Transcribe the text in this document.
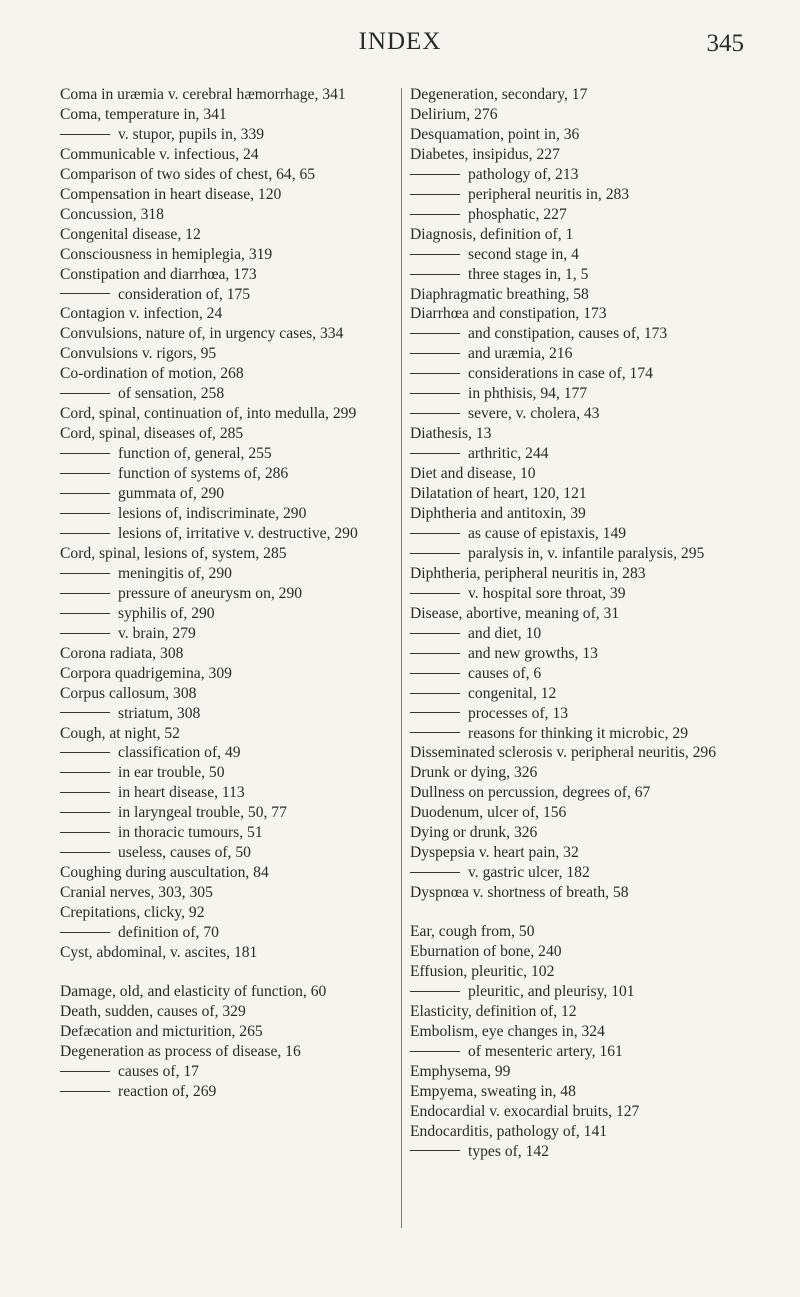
INDEX	345
Coma in uræmia v. cerebral hæmorrhage, 341
Coma, temperature in, 341
v. stupor, pupils in, 339
Communicable v. infectious, 24
Comparison of two sides of chest, 64, 65
Compensation in heart disease, 120
Concussion, 318
Congenital disease, 12
Consciousness in hemiplegia, 319
Constipation and diarrhœa, 173
consideration of, 175
Contagion v. infection, 24
Convulsions, nature of, in urgency cases, 334
Convulsions v. rigors, 95
Co-ordination of motion, 268
of sensation, 258
Cord, spinal, continuation of, into medulla, 299
Cord, spinal, diseases of, 285
function of, general, 255
function of systems of, 286
gummata of, 290
lesions of, indiscriminate, 290
lesions of, irritative v. destructive, 290
Cord, spinal, lesions of, system, 285
meningitis of, 290
pressure of aneurysm on, 290
syphilis of, 290
v. brain, 279
Corona radiata, 308
Corpora quadrigemina, 309
Corpus callosum, 308
striatum, 308
Cough, at night, 52
classification of, 49
in ear trouble, 50
in heart disease, 113
in laryngeal trouble, 50, 77
in thoracic tumours, 51
useless, causes of, 50
Coughing during auscultation, 84
Cranial nerves, 303, 305
Crepitations, clicky, 92
definition of, 70
Cyst, abdominal, v. ascites, 181
Damage, old, and elasticity of function, 60
Death, sudden, causes of, 329
Defæcation and micturition, 265
Degeneration as process of disease, 16
causes of, 17
reaction of, 269
Degeneration, secondary, 17
Delirium, 276
Desquamation, point in, 36
Diabetes, insipidus, 227
pathology of, 213
peripheral neuritis in, 283
phosphatic, 227
Diagnosis, definition of, 1
second stage in, 4
three stages in, 1, 5
Diaphragmatic breathing, 58
Diarrhœa and constipation, 173
and constipation, causes of, 173
and uræmia, 216
considerations in case of, 174
in phthisis, 94, 177
severe, v. cholera, 43
Diathesis, 13
arthritic, 244
Diet and disease, 10
Dilatation of heart, 120, 121
Diphtheria and antitoxin, 39
as cause of epistaxis, 149
paralysis in, v. infantile paralysis, 295
Diphtheria, peripheral neuritis in, 283
v. hospital sore throat, 39
Disease, abortive, meaning of, 31
and diet, 10
and new growths, 13
causes of, 6
congenital, 12
processes of, 13
reasons for thinking it microbic, 29
Disseminated sclerosis v. peripheral neuritis, 296
Drunk or dying, 326
Dullness on percussion, degrees of, 67
Duodenum, ulcer of, 156
Dying or drunk, 326
Dyspepsia v. heart pain, 32
v. gastric ulcer, 182
Dyspnœa v. shortness of breath, 58
Ear, cough from, 50
Eburnation of bone, 240
Effusion, pleuritic, 102
pleuritic, and pleurisy, 101
Elasticity, definition of, 12
Embolism, eye changes in, 324
of mesenteric artery, 161
Emphysema, 99
Empyema, sweating in, 48
Endocardial v. exocardial bruits, 127
Endocarditis, pathology of, 141
types of, 142
